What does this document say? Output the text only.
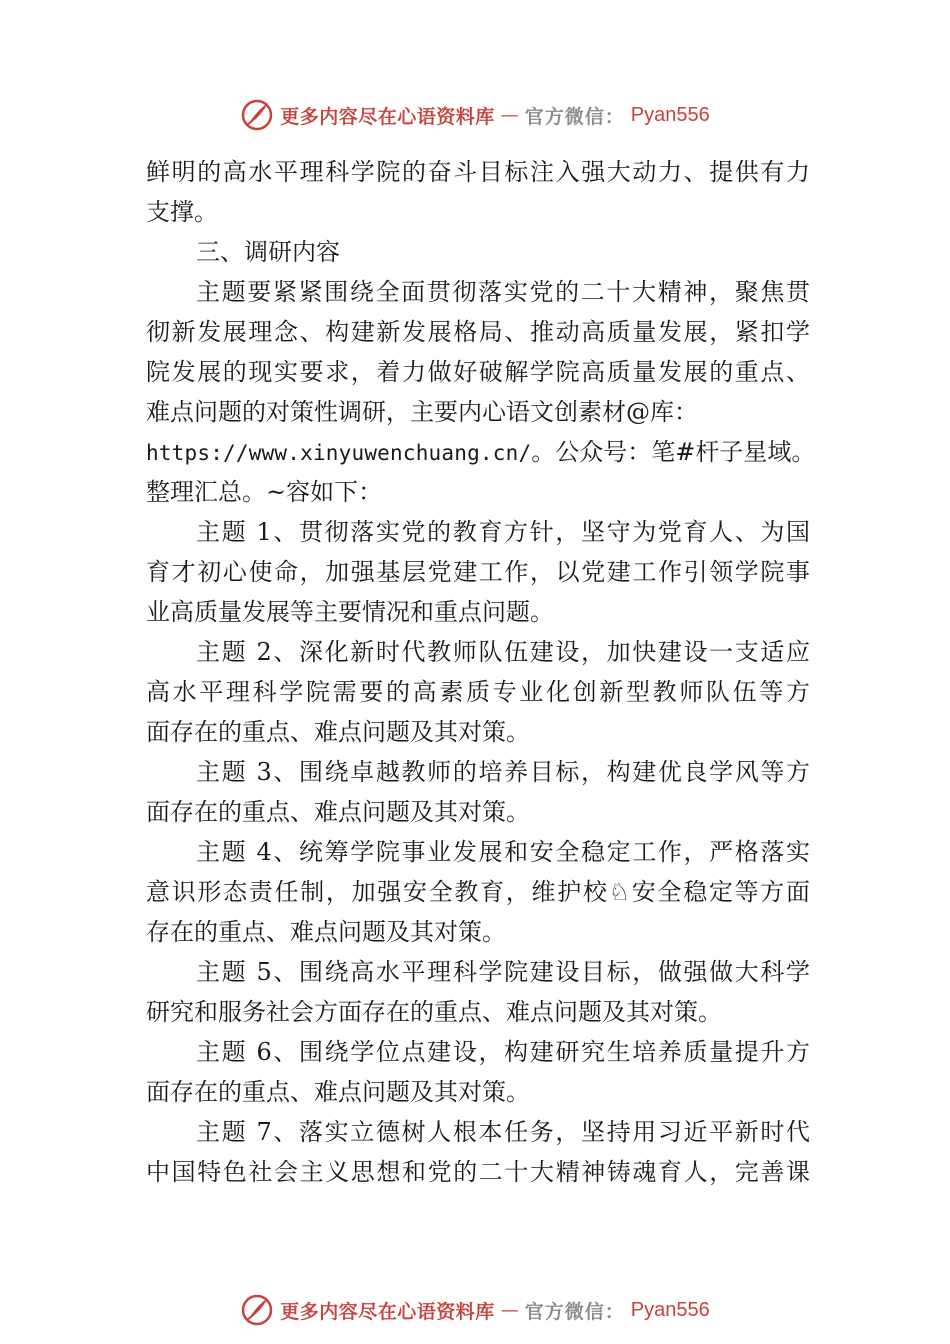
更多内容尽在心语资料库 — 官方微信： Pyan556
鲜明的高水平理科学院的奋斗目标注入强大动力、提供有力
支撑。
三、调研内容
主题要紧紧围绕全面贯彻落实党的二十大精神，聚焦贯
彻新发展理念、构建新发展格局、推动高质量发展，紧扣学
院发展的现实要求，着力做好破解学院高质量发展的重点、
难点问题的对策性调研，主要内心语文创素材@库：
https://www.xinyuwenchuang.cn/。公众号：笔#杆子星域。
整理汇总。~容如下：
主题 1、贯彻落实党的教育方针，坚守为党育人、为国
育才初心使命，加强基层党建工作，以党建工作引领学院事
业高质量发展等主要情况和重点问题。
主题 2、深化新时代教师队伍建设，加快建设一支适应
高水平理科学院需要的高素质专业化创新型教师队伍等方
面存在的重点、难点问题及其对策。
主题 3、围绕卓越教师的培养目标，构建优良学风等方
面存在的重点、难点问题及其对策。
主题 4、统筹学院事业发展和安全稳定工作，严格落实
意识形态责任制，加强安全教育，维护校♘安全稳定等方面
存在的重点、难点问题及其对策。
主题 5、围绕高水平理科学院建设目标，做强做大科学
研究和服务社会方面存在的重点、难点问题及其对策。
主题 6、围绕学位点建设，构建研究生培养质量提升方
面存在的重点、难点问题及其对策。
主题 7、落实立德树人根本任务，坚持用习近平新时代
中国特色社会主义思想和党的二十大精神铸魂育人，完善课
更多内容尽在心语资料库 — 官方微信： Pyan556
